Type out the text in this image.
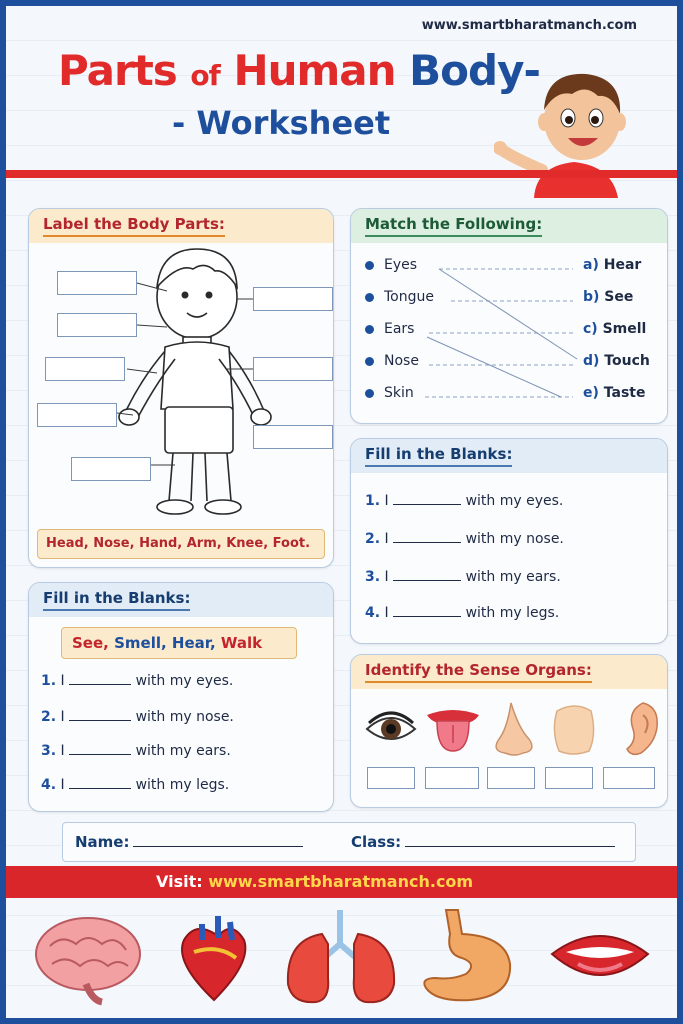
www.smartbharatmanch.com
Parts of Human Body-
- Worksheet
Label the Body Parts:
Head, Nose, Hand, Arm, Knee, Foot.
Match the Following:
Eyes
Tongue
Ears
Nose
Skin
a) Hear
b) See
c) Smell
d) Touch
e) Taste
Fill in the Blanks:
1. I	with my eyes.
2. I	with my nose.
3. I	with my ears.
4. I	with my legs.
Fill in the Blanks:
See, Smell, Hear, Walk
1. I	with my eyes.
2. I	with my nose.
3. I	with my ears.
4. I	with my legs.
Identify the Sense Organs:
Name:	Class:
Visit: www.smartbharatmanch.com
